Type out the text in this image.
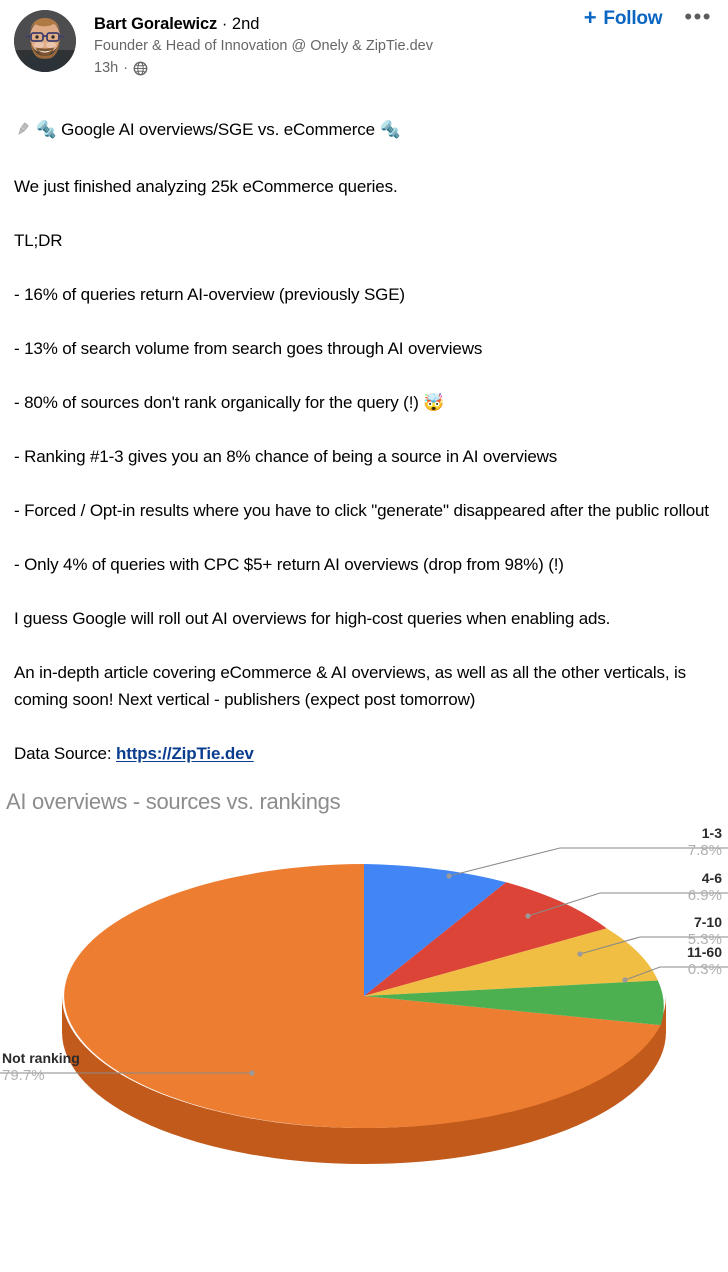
Bart Goralewicz · 2nd
Founder & Head of Innovation @ Onely & ZipTie.dev
13h ·
+ Follow •••

🔩 Google AI overviews/SGE vs. eCommerce 🔩

We just finished analyzing 25k eCommerce queries.

TL;DR

- 16% of queries return AI-overview (previously SGE)

- 13% of search volume from search goes through AI overviews

- 80% of sources don't rank organically for the query (!) 🤯

- Ranking #1-3 gives you an 8% chance of being a source in AI overviews

- Forced / Opt-in results where you have to click "generate" disappeared after the public rollout

- Only 4% of queries with CPC $5+ return AI overviews (drop from 98%) (!)

I guess Google will roll out AI overviews for high-cost queries when enabling ads.

An in-depth article covering eCommerce & AI overviews, as well as all the other verticals, is coming soon! Next vertical - publishers (expect post tomorrow)

Data Source: https://ZipTie.dev

AI overviews - sources vs. rankings
1-3
7.8%
4-6
6.9%
7-10
5.3%
11-60
0.3%
Not ranking
79.7%
